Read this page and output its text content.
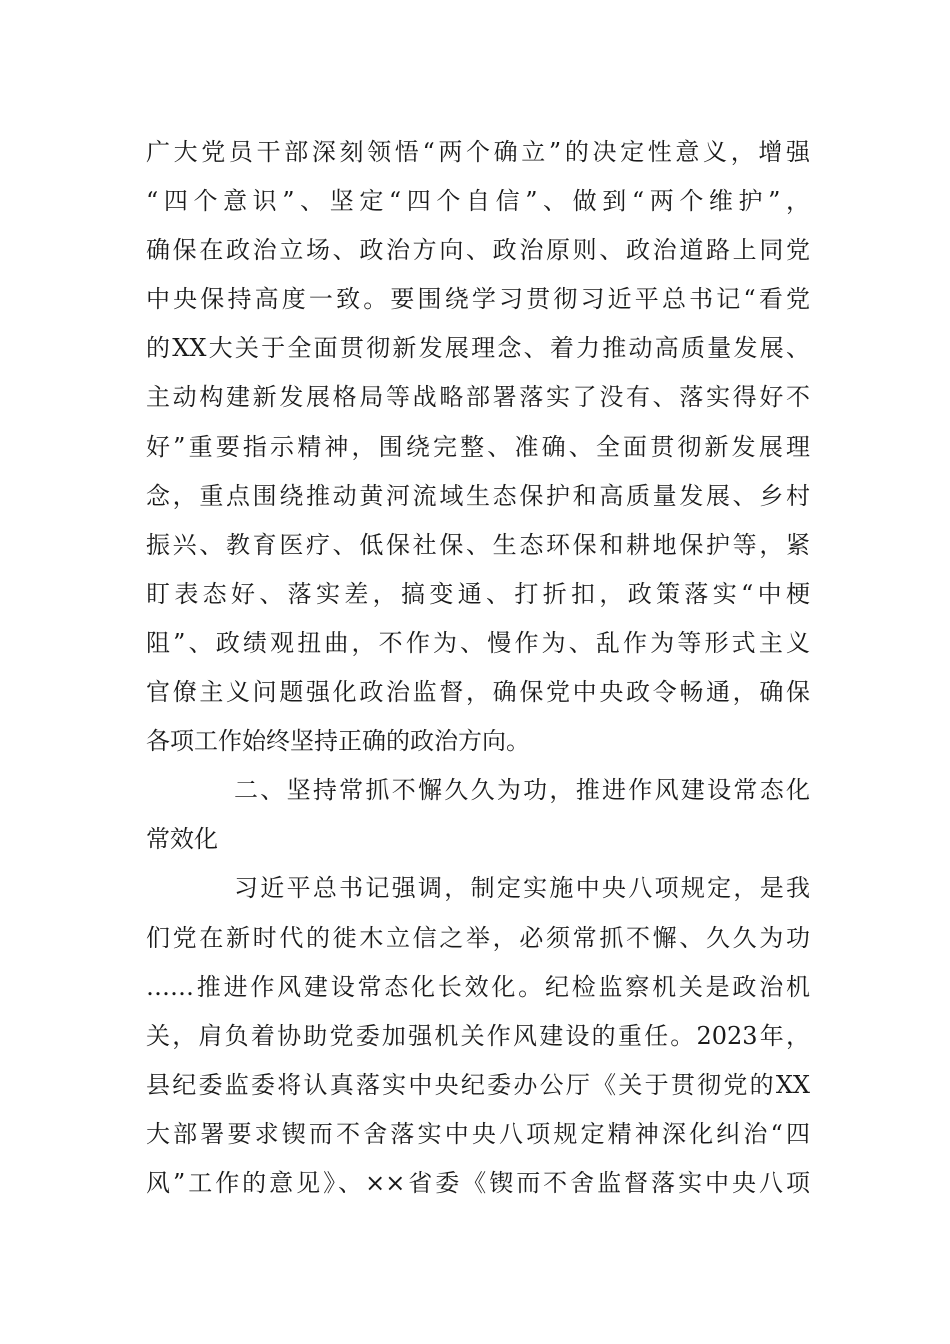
广大党员干部深刻领悟“两个确立”的决定性意义，增强
“四个意识”、坚定“四个自信”、做到“两个维护”，
确保在政治立场、政治方向、政治原则、政治道路上同党
中央保持高度一致。要围绕学习贯彻习近平总书记“看党
的XX大关于全面贯彻新发展理念、着力推动高质量发展、
主动构建新发展格局等战略部署落实了没有、落实得好不
好”重要指示精神，围绕完整、准确、全面贯彻新发展理
念，重点围绕推动黄河流域生态保护和高质量发展、乡村
振兴、教育医疗、低保社保、生态环保和耕地保护等，紧
盯表态好、落实差，搞变通、打折扣，政策落实“中梗
阻”、政绩观扭曲，不作为、慢作为、乱作为等形式主义
官僚主义问题强化政治监督，确保党中央政令畅通，确保
各项工作始终坚持正确的政治方向。
二、坚持常抓不懈久久为功，推进作风建设常态化
常效化
习近平总书记强调，制定实施中央八项规定，是我
们党在新时代的徙木立信之举，必须常抓不懈、久久为功
……推进作风建设常态化长效化。纪检监察机关是政治机
关，肩负着协助党委加强机关作风建设的重任。2023年，
县纪委监委将认真落实中央纪委办公厅《关于贯彻党的XX
大部署要求锲而不舍落实中央八项规定精神深化纠治“四
风”工作的意见》、××省委《锲而不舍监督落实中央八项
